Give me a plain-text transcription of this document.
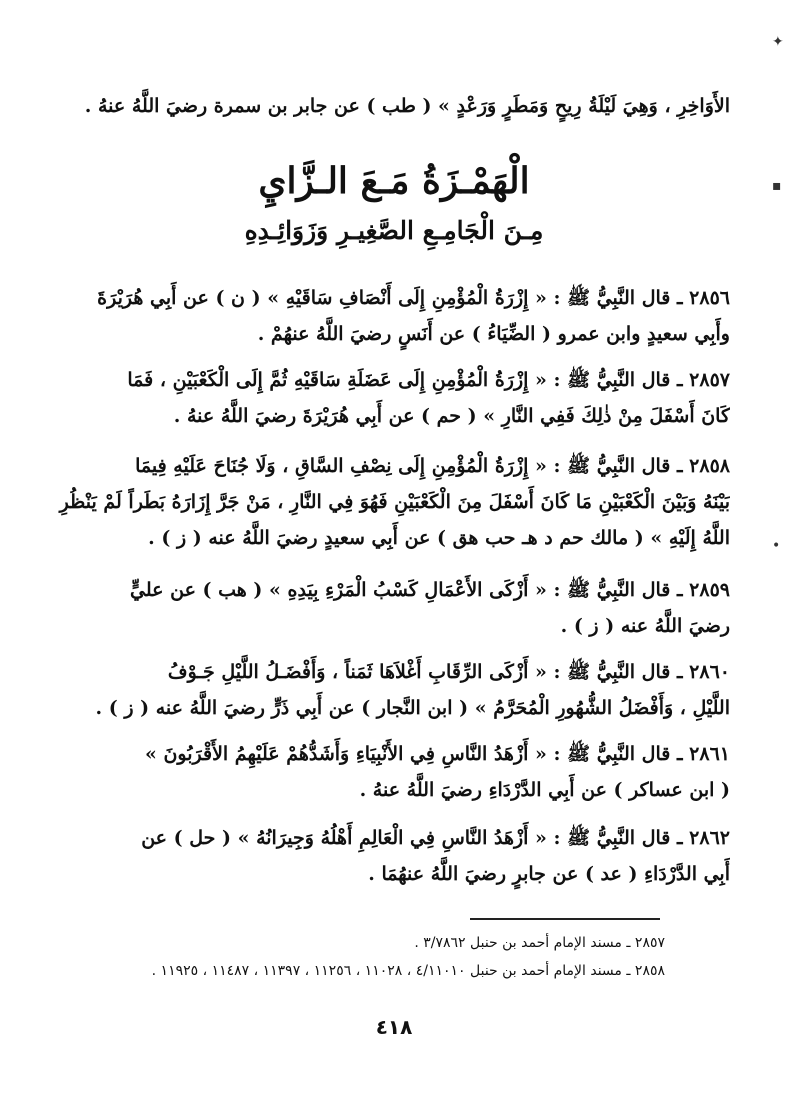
✦
▪
•
الأَوَاخِرِ ، وَهِيَ لَيْلَةُ رِيحٍ وَمَطَرٍ وَرَعْدٍ » ( طب ) عن جابر بن سمرة رضيَ اللَّهُ عنهُ .
الْهَمْـزَةُ مَـعَ الـزَّايِ
مِـنَ الْجَامِـعِ الصَّغِيـرِ وَزَوَائِـدِهِ
٢٨٥٦ ـ قال النَّبِيُّ ﷺ : « إِزْرَةُ الْمُؤْمِنِ إِلَى أَنْصَافِ سَاقَيْهِ » ( ن ) عن أَبِي هُرَيْرَةَ
وأَبِي سعيدٍ وابن عمرو ( الضِّيَاءُ ) عن أَنَسٍ رضيَ اللَّهُ عنهُمْ .
٢٨٥٧ ـ قال النَّبِيُّ ﷺ : « إِزْرَةُ الْمُؤْمِنِ إِلَى عَضَلَةِ سَاقَيْهِ ثُمَّ إِلَى الْكَعْبَيْنِ ، فَمَا
كَانَ أَسْفَلَ مِنْ ذٰلِكَ فَفِي النَّارِ » ( حم ) عن أَبِي هُرَيْرَةَ رضيَ اللَّهُ عنهُ .
٢٨٥٨ ـ قال النَّبِيُّ ﷺ : « إِزْرَةُ الْمُؤْمِنِ إِلَى نِصْفِ السَّاقِ ، وَلَا جُنَاحَ عَلَيْهِ فِيمَا
بَيْنَهُ وَبَيْنَ الْكَعْبَيْنِ مَا كَانَ أَسْفَلَ مِنَ الْكَعْبَيْنِ فَهُوَ فِي النَّارِ ، مَنْ جَرَّ إِزَارَهُ بَطَراً لَمْ يَنْظُرِ
اللَّهُ إِلَيْهِ » ( مالك حم د هـ حب هق ) عن أَبِي سعيدٍ رضيَ اللَّهُ عنه ( ز ) .
٢٨٥٩ ـ قال النَّبِيُّ ﷺ : « أَزْكَى الأَعْمَالِ كَسْبُ الْمَرْءِ بِيَدِهِ » ( هب ) عن عليٍّ
رضيَ اللَّهُ عنه ( ز ) .
٢٨٦٠ ـ قال النَّبِيُّ ﷺ : « أَزْكَى الرِّقَابِ أَغْلاَهَا ثَمَناً ، وَأَفْضَـلُ اللَّيْلِ جَـوْفُ
اللَّيْلِ ، وَأَفْضَلُ الشُّهُورِ الْمُحَرَّمُ » ( ابن النَّجار ) عن أَبِي ذَرٍّ رضيَ اللَّهُ عنه ( ز ) .
٢٨٦١ ـ قال النَّبِيُّ ﷺ : « أَزْهَدُ النَّاسِ فِي الأَنْبِيَاءِ وَأَشَدُّهُمْ عَلَيْهِمُ الأَقْرَبُونَ »
( ابن عساكر ) عن أَبِي الدَّرْدَاءِ رضيَ اللَّهُ عنهُ .
٢٨٦٢ ـ قال النَّبِيُّ ﷺ : « أَزْهَدُ النَّاسِ فِي الْعَالِمِ أَهْلُهُ وَجِيرَانُهُ » ( حل ) عن
أَبِي الدَّرْدَاءِ ( عد ) عن جابرٍ رضيَ اللَّهُ عنهُمَا .
٢٨٥٧ ـ مسند الإمام أحمد بن حنبل ٣/٧٨٦٢ .
٢٨٥٨ ـ مسند الإمام أحمد بن حنبل ٤/١١٠١٠ ، ١١٠٢٨ ، ١١٢٥٦ ، ١١٣٩٧ ، ١١٤٨٧ ، ١١٩٢٥ .
٤١٨
